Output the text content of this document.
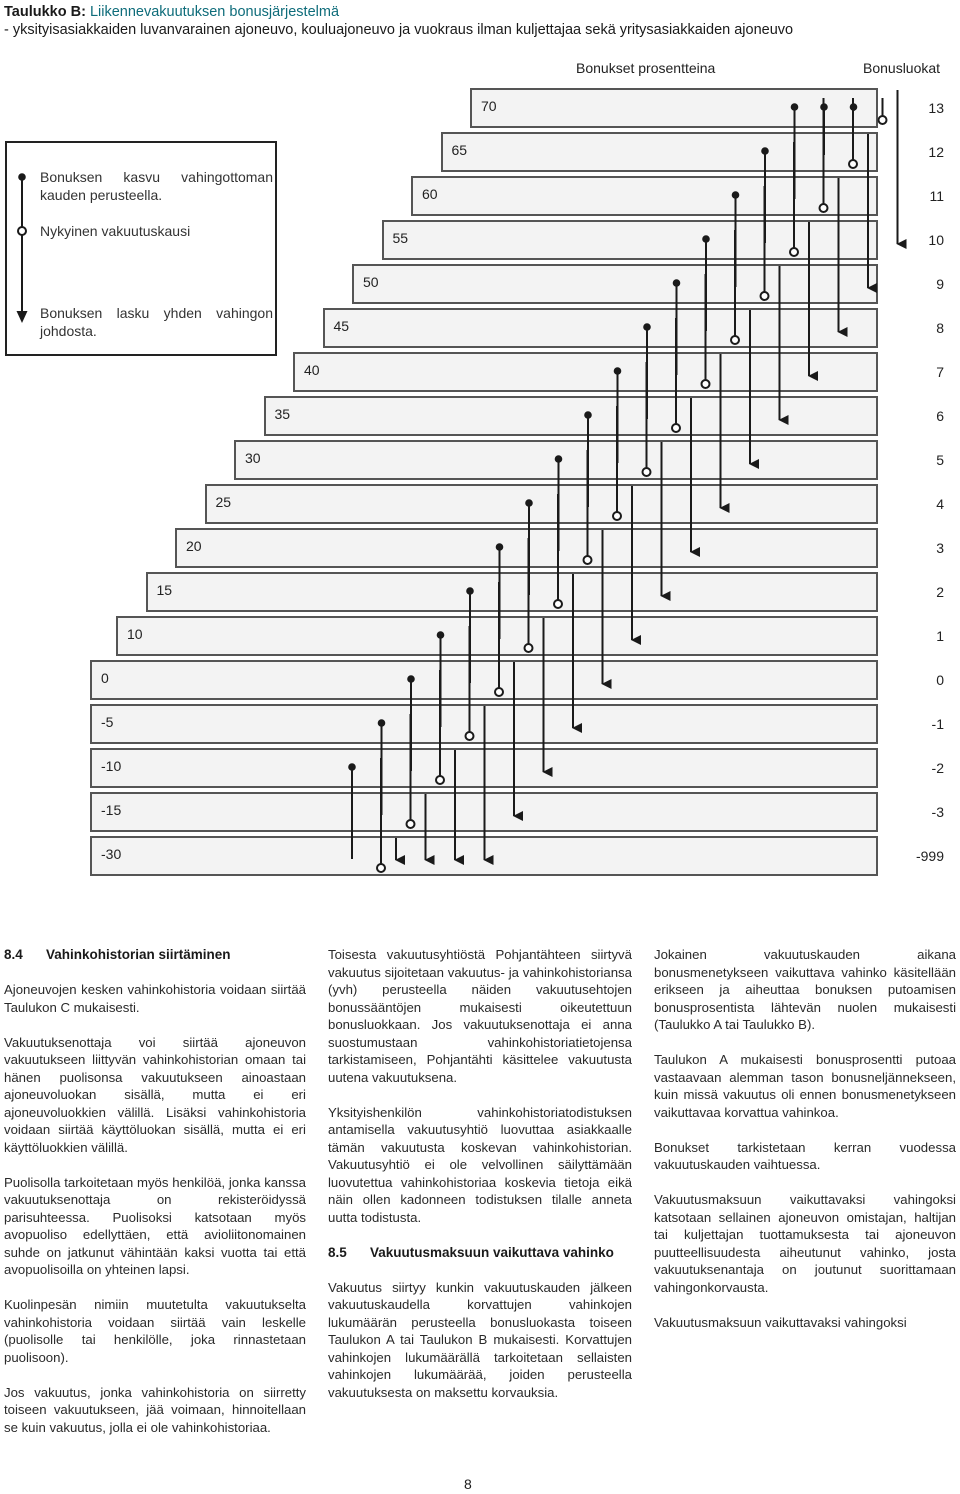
Taulukko B: Liikennevakuutuksen bonusjärjestelmä
- yksityisasiakkaiden luvanvarainen ajoneuvo, kouluajoneuvo ja vuokraus ilman kuljettajaa sekä yritysasiakkaiden ajoneuvo
Bonukset prosentteina	Bonusluokat
70	13
65	12
60	11
55	10
50	9
45	8
40	7
35	6
30	5
25	4
20	3
15	2
10	1
0	0
-5	-1
-10	-2
-15	-3
-30	-999
Bonuksen kasvu vahingottoman kauden perusteella.
Nykyinen vakuutuskausi
Bonuksen lasku yhden vahingon johdosta.
8.4 Vahinkohistorian siirtäminen

Ajoneuvojen kesken vahinkohistoria voidaan siirtää Taulukon C mukaisesti.

Vakuutuksenottaja voi siirtää ajoneuvon vakuutukseen liittyvän vahinkohistorian omaan tai hänen puolisonsa vakuutukseen ainoastaan ajoneuvoluokan sisällä, mutta ei eri ajoneuvoluokkien välillä. Lisäksi vahinkohistoria voidaan siirtää käyttöluokan sisällä, mutta ei eri käyttöluokkien välillä.

Puolisolla tarkoitetaan myös henkilöä, jonka kanssa vakuutuksenottaja on rekisteröidyssä parisuhteessa. Puolisoksi katsotaan myös avopuoliso edellyttäen, että avioliitonomainen suhde on jatkunut vähintään kaksi vuotta tai että avopuolisoilla on yhteinen lapsi.

Kuolinpesän nimiin muutetulta vakuutukselta vahinkohistoria voidaan siirtää vain leskelle (puolisolle tai henkilölle, joka rinnastetaan puolisoon).

Jos vakuutus, jonka vahinkohistoria on siirretty toiseen vakuutukseen, jää voimaan, hinnoitellaan se kuin vakuutus, jolla ei ole vahinkohistoriaa.

Toisesta vakuutusyhtiöstä Pohjantähteen siirtyvä vakuutus sijoitetaan vakuutus- ja vahinkohistoriansa (yvh) perusteella näiden vakuutusehtojen bonussääntöjen mukaisesti oikeutettuun bonusluokkaan. Jos vakuutuksenottaja ei anna suostumustaan vahinkohistoriatietojensa tarkistamiseen, Pohjantähti käsittelee vakuutusta uutena vakuutuksena.

Yksityishenkilön vahinkohistoriatodistuksen antamisella vakuutusyhtiö luovuttaa asiakkaalle tämän vakuutusta koskevan vahinkohistorian. Vakuutusyhtiö ei ole velvollinen säilyttämään luovutettua vahinkohistoriaa koskevia tietoja eikä näin ollen kadonneen todistuksen tilalle anneta uutta todistusta.

8.5 Vakuutusmaksuun vaikuttava vahinko

Vakuutus siirtyy kunkin vakuutuskauden jälkeen vakuutuskaudella korvattujen vahinkojen lukumäärän perusteella bonusluokasta toiseen Taulukon A tai Taulukon B mukaisesti. Korvattujen vahinkojen lukumäärällä tarkoitetaan sellaisten vahinkojen lukumäärää, joiden perusteella vakuutuksesta on maksettu korvauksia.

Jokainen vakuutuskauden aikana bonusmenetykseen vaikuttava vahinko käsitellään erikseen ja aiheuttaa bonuksen putoamisen bonusprosentista lähtevän nuolen mukaisesti (Taulukko A tai Taulukko B).

Taulukon A mukaisesti bonusprosentti putoaa vastaavaan alemman tason bonusneljännekseen, kuin missä vakuutus oli ennen bonusmenetykseen vaikuttavaa korvattua vahinkoa.

Bonukset tarkistetaan kerran vuodessa vakuutuskauden vaihtuessa.

Vakuutusmaksuun vaikuttavaksi vahingoksi katsotaan sellainen ajoneuvon omistajan, haltijan tai kuljettajan tuottamuksesta tai ajoneuvon puutteellisuudesta aiheutunut vahinko, josta vakuutuksenantaja on joutunut suorittamaan vahingonkorvausta.

Vakuutusmaksuun vaikuttavaksi vahingoksi

8
